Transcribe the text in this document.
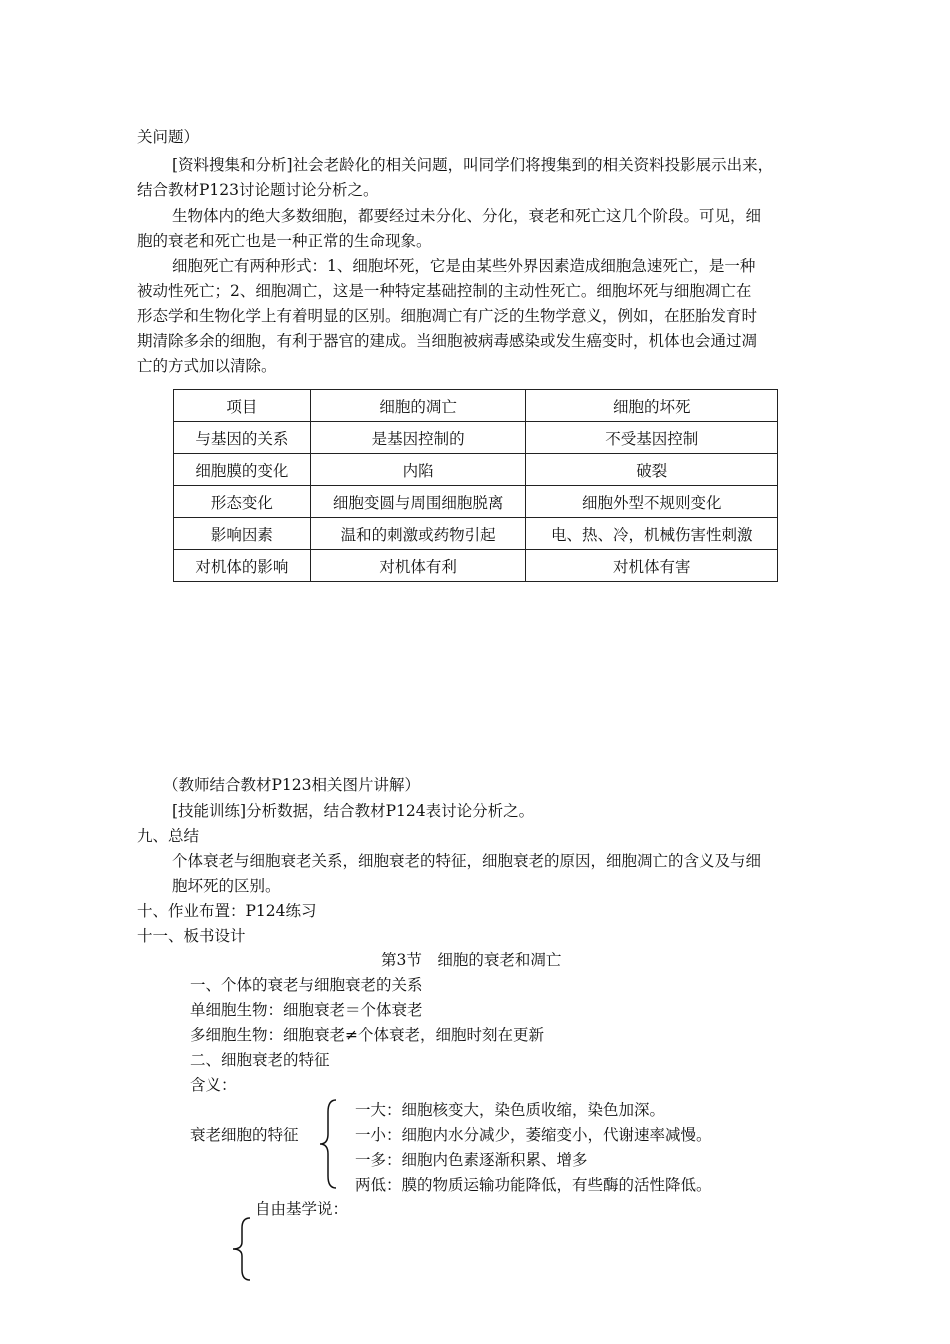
关问题）
[资料搜集和分析]社会老龄化的相关问题，叫同学们将搜集到的相关资料投影展示出来，
结合教材P123讨论题讨论分析之。
生物体内的绝大多数细胞，都要经过未分化、分化，衰老和死亡这几个阶段。可见，细
胞的衰老和死亡也是一种正常的生命现象。
细胞死亡有两种形式：1、细胞坏死，它是由某些外界因素造成细胞急速死亡，是一种
被动性死亡；2、细胞凋亡，这是一种特定基础控制的主动性死亡。细胞坏死与细胞凋亡在
形态学和生物化学上有着明显的区别。细胞凋亡有广泛的生物学意义，例如，在胚胎发育时
期清除多余的细胞，有利于器官的建成。当细胞被病毒感染或发生癌变时，机体也会通过凋
亡的方式加以清除。
项目	细胞的凋亡	细胞的坏死
与基因的关系	是基因控制的	不受基因控制
细胞膜的变化	内陷	破裂
形态变化	细胞变圆与周围细胞脱离	细胞外型不规则变化
影响因素	温和的刺激或药物引起	电、热、冷，机械伤害性刺激
对机体的影响	对机体有利	对机体有害
（教师结合教材P123相关图片讲解）
[技能训练]分析数据，结合教材P124表讨论分析之。
九、总结
个体衰老与细胞衰老关系，细胞衰老的特征，细胞衰老的原因，细胞凋亡的含义及与细
胞坏死的区别。
十、作业布置：P124练习
十一、板书设计
第3节　细胞的衰老和凋亡
一、个体的衰老与细胞衰老的关系
单细胞生物：细胞衰老＝个体衰老
多细胞生物：细胞衰老≠个体衰老，细胞时刻在更新
二、细胞衰老的特征
含义：
衰老细胞的特征
一大：细胞核变大，染色质收缩，染色加深。
一小：细胞内水分减少，萎缩变小，代谢速率减慢。
一多：细胞内色素逐渐积累、增多
两低：膜的物质运输功能降低，有些酶的活性降低。
自由基学说：
